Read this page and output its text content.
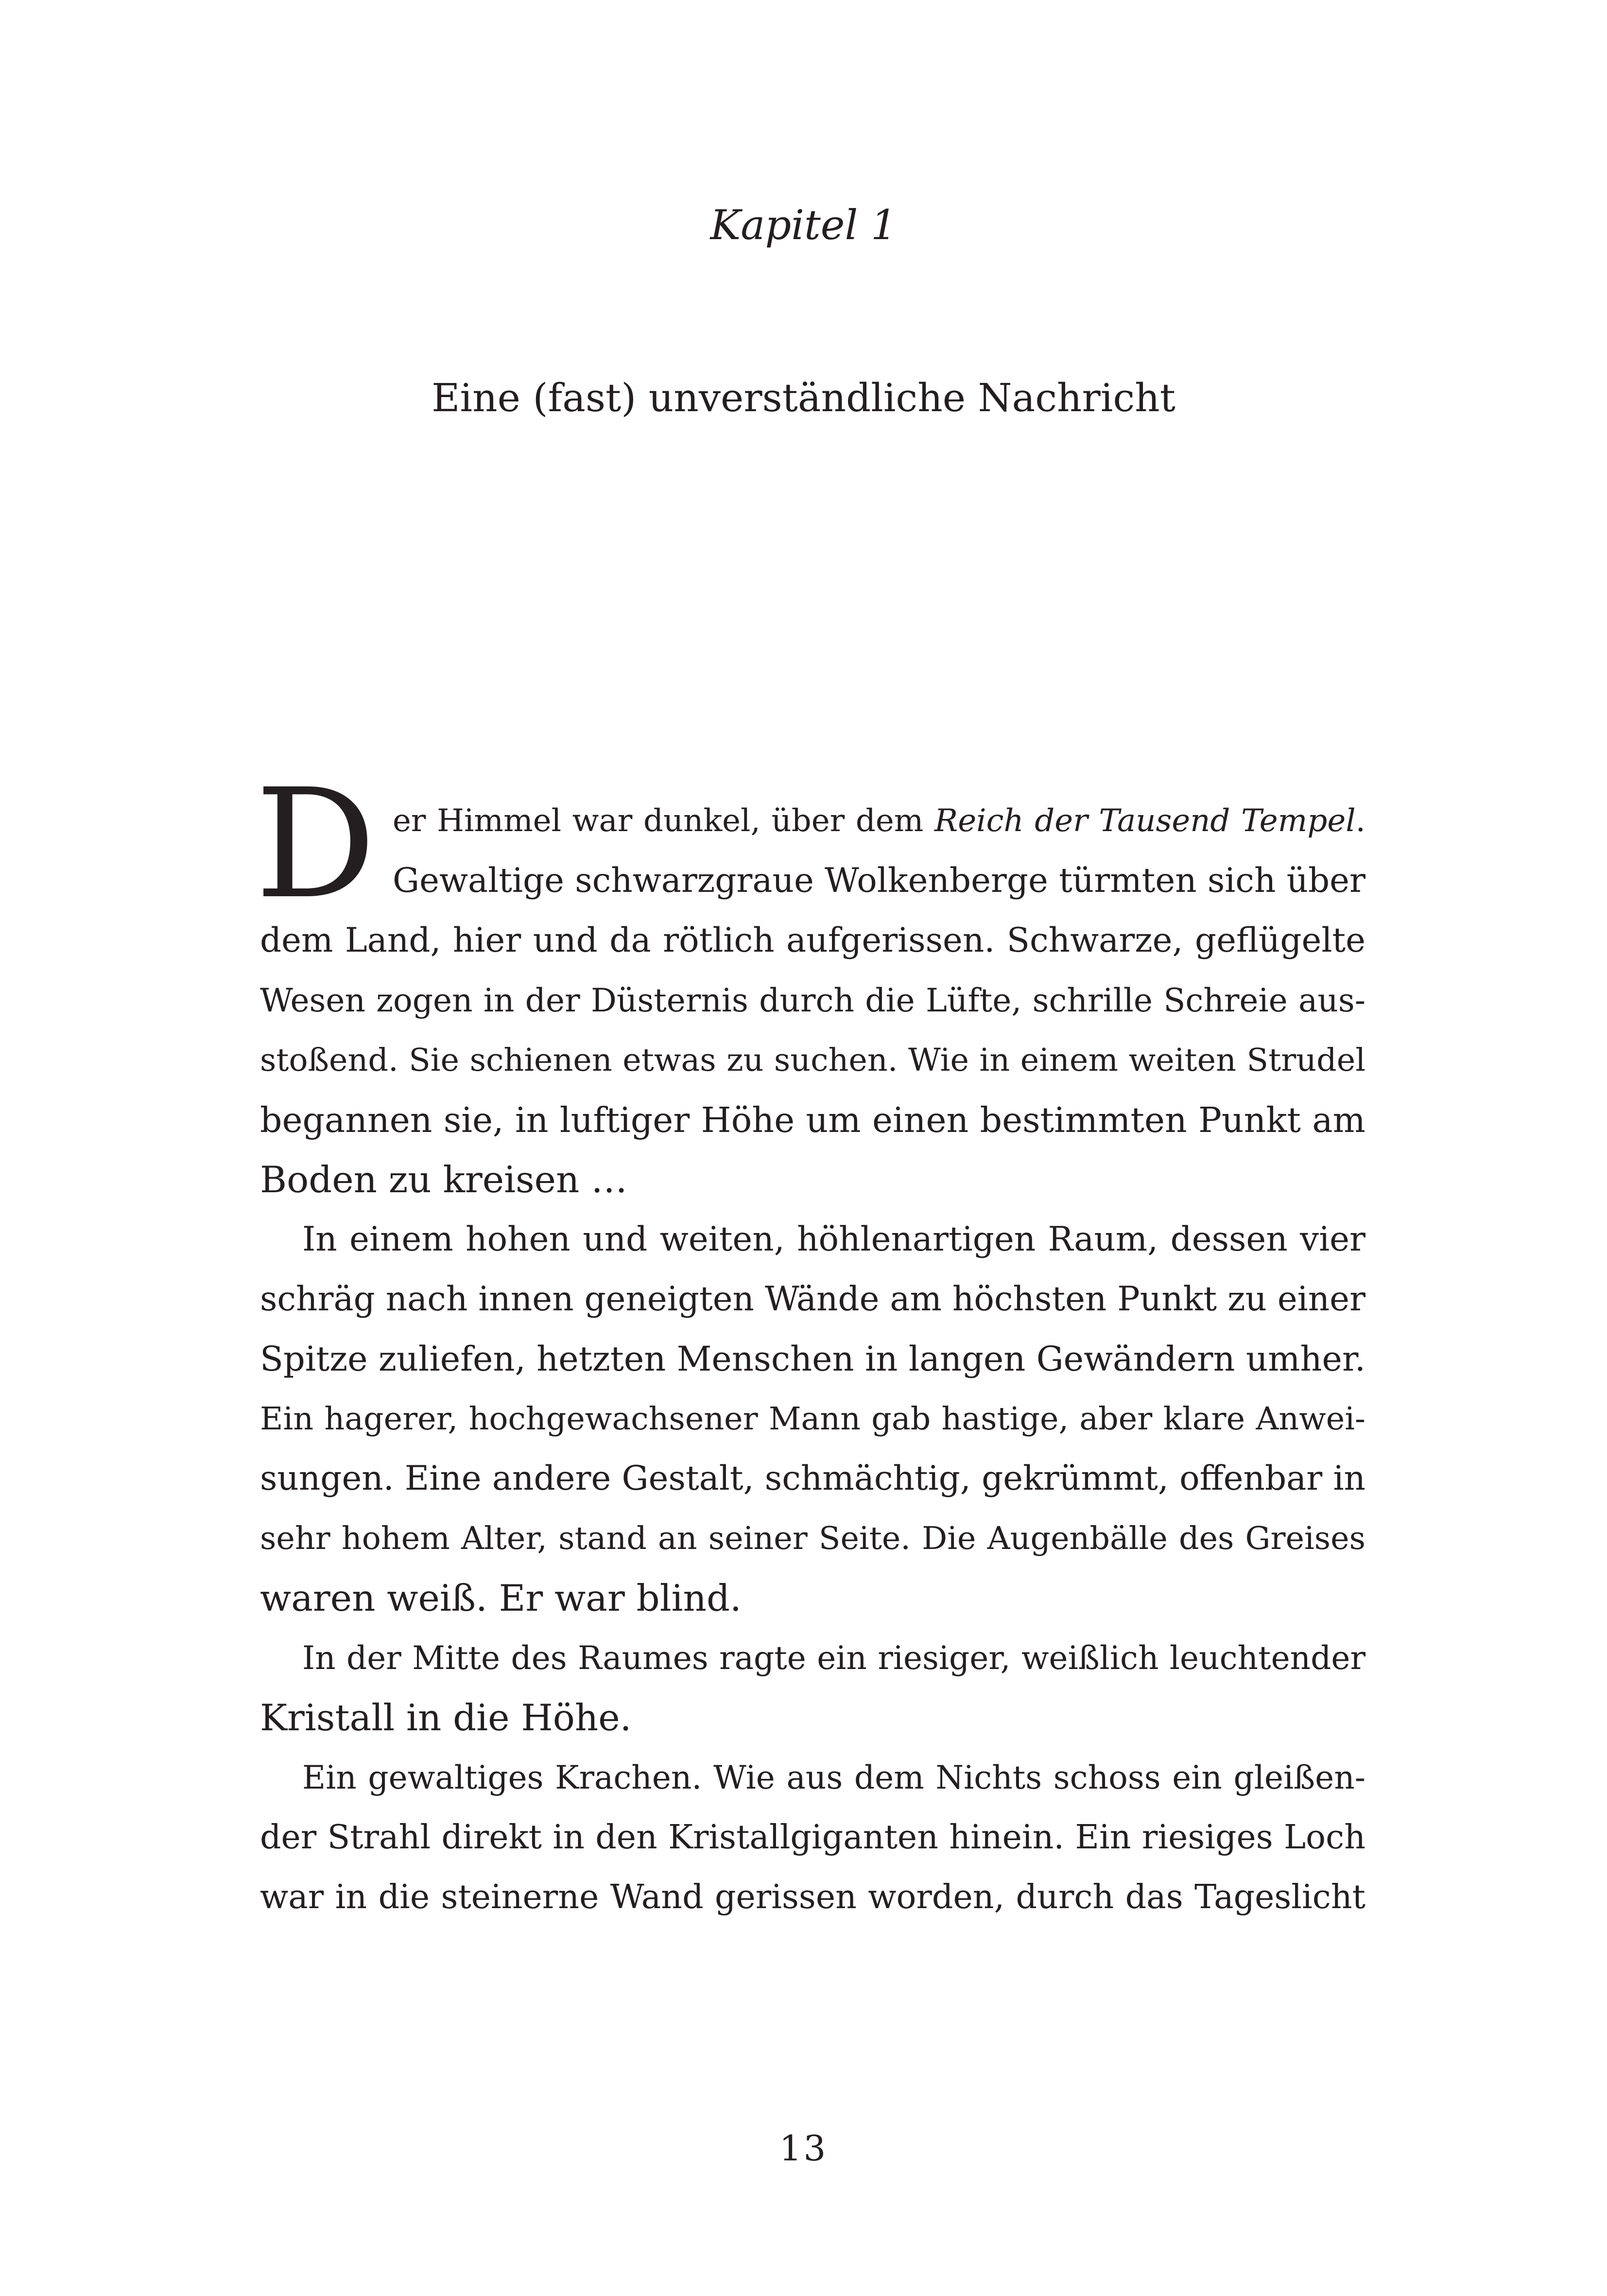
Kapitel 1
Eine (fast) unverständliche Nachricht
D er Himmel war dunkel, über dem Reich der Tausend Tempel.
Gewaltige schwarzgraue Wolkenberge türmten sich über
dem Land, hier und da rötlich aufgerissen. Schwarze, geflügelte
Wesen zogen in der Düsternis durch die Lüfte, schrille Schreie aus-
stoßend. Sie schienen etwas zu suchen. Wie in einem weiten Strudel
begannen sie, in luftiger Höhe um einen bestimmten Punkt am
Boden zu kreisen …
In einem hohen und weiten, höhlenartigen Raum, dessen vier
schräg nach innen geneigten Wände am höchsten Punkt zu einer
Spitze zuliefen, hetzten Menschen in langen Gewändern umher.
Ein hagerer, hochgewachsener Mann gab hastige, aber klare Anwei-
sungen. Eine andere Gestalt, schmächtig, gekrümmt, offenbar in
sehr hohem Alter, stand an seiner Seite. Die Augenbälle des Greises
waren weiß. Er war blind.
In der Mitte des Raumes ragte ein riesiger, weißlich leuchtender
Kristall in die Höhe.
Ein gewaltiges Krachen. Wie aus dem Nichts schoss ein gleißen-
der Strahl direkt in den Kristallgiganten hinein. Ein riesiges Loch
war in die steinerne Wand gerissen worden, durch das Tageslicht
13
